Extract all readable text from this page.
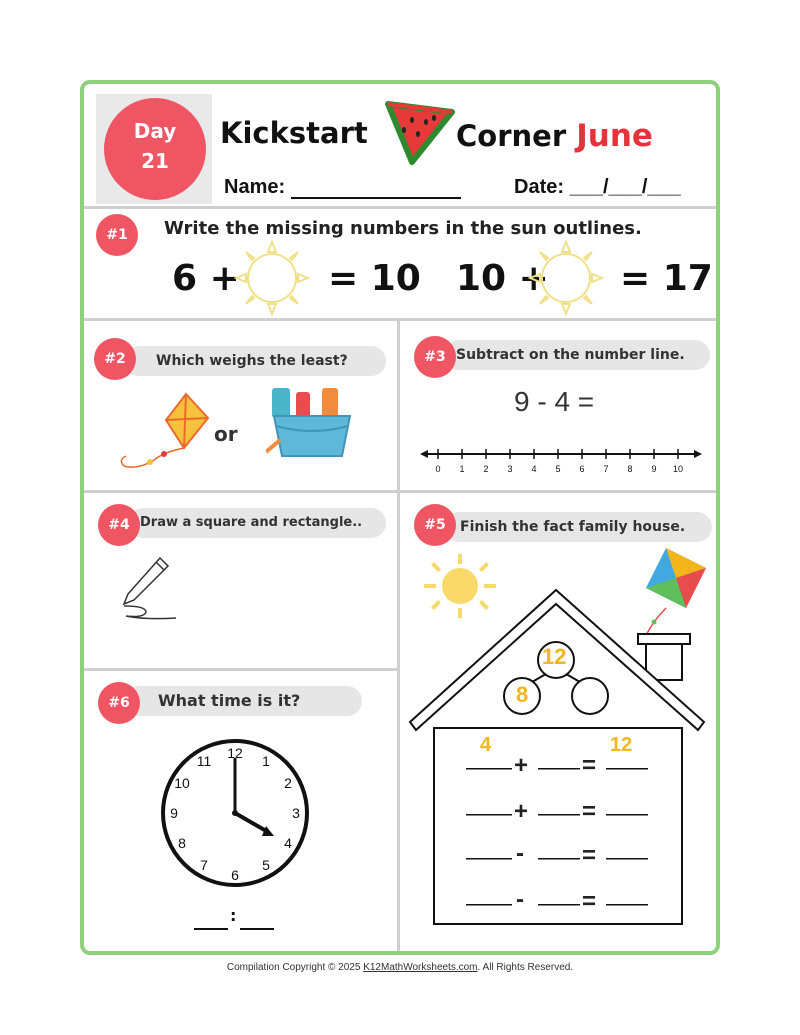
Day
21
Kickstart	Corner June
Name:	Date: ___/___/___
#1	Write the missing numbers in the sun outlines.
6 + = 10 10 + = 17
Which weighs the least?
#2
or
Subtract on the number line.
#3
9 - 4 =
0 1 2 3 4 5 6 7 8 9 10
Draw a square and rectangle..
#4	Finish the fact family house.
#5
12
8
4	12
+ =
+ =
- =
- =
What time is it?
#6
12 1
2
3
4
5
6
7
8
9
10
11
:
Compilation Copyright © 2025 K12MathWorksheets.com. All Rights Reserved.
